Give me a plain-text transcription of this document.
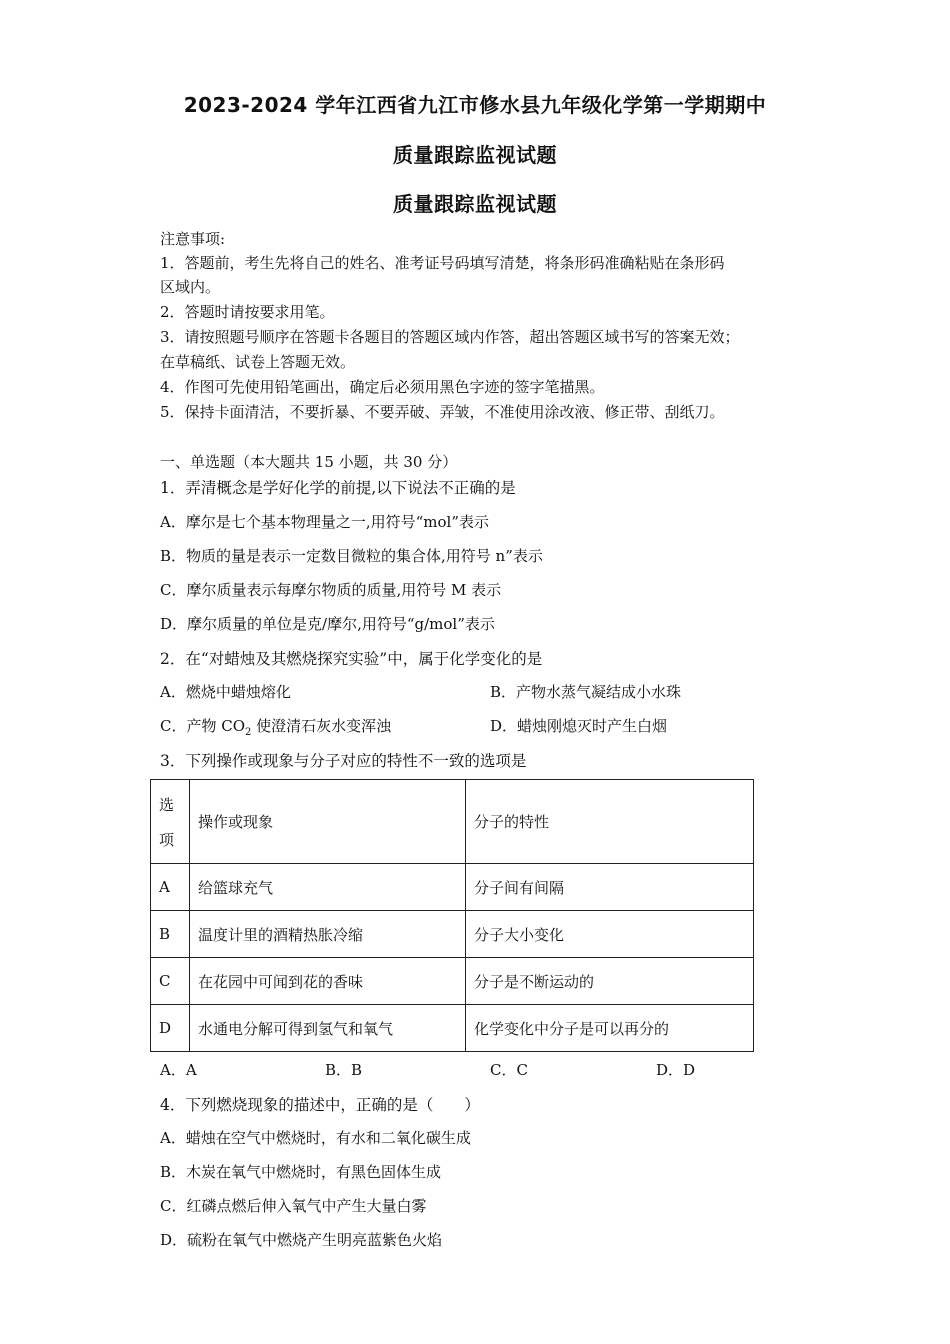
2023-2024 学年江西省九江市修水县九年级化学第一学期期中
质量跟踪监视试题
质量跟踪监视试题
注意事项:
1．答题前，考生先将自己的姓名、准考证号码填写清楚，将条形码准确粘贴在条形码
区域内。
2．答题时请按要求用笔。
3．请按照题号顺序在答题卡各题目的答题区域内作答，超出答题区域书写的答案无效；
在草稿纸、试卷上答题无效。
4．作图可先使用铅笔画出，确定后必须用黑色字迹的签字笔描黑。
5．保持卡面清洁，不要折暴、不要弄破、弄皱，不准使用涂改液、修正带、刮纸刀。
一、单选题（本大题共 15 小题，共 30 分）
1．弄清概念是学好化学的前提,以下说法不正确的是
A．摩尔是七个基本物理量之一,用符号“mol”表示
B．物质的量是表示一定数目微粒的集合体,用符号 n”表示
C．摩尔质量表示每摩尔物质的质量,用符号 M 表示
D．摩尔质量的单位是克/摩尔,用符号“g/mol”表示
2．在“对蜡烛及其燃烧探究实验”中，属于化学变化的是
A．燃烧中蜡烛熔化	B．产物水蒸气凝结成小水珠
C．产物 $CO_2$ 使澄清石灰水变浑浊	D．蜡烛刚熄灭时产生白烟
3．下列操作或现象与分子对应的特性不一致的选项是
选
项	操作或现象	分子的特性
A	给篮球充气	分子间有间隔
B	温度计里的酒精热胀冷缩	分子大小变化
C	在花园中可闻到花的香味	分子是不断运动的
D	水通电分解可得到氢气和氧气	化学变化中分子是可以再分的
A．A	B．B	C．C	D．D
4．下列燃烧现象的描述中，正确的是（　　）
A．蜡烛在空气中燃烧时，有水和二氧化碳生成
B．木炭在氧气中燃烧时，有黑色固体生成
C．红磷点燃后伸入氧气中产生大量白雾
D．硫粉在氧气中燃烧产生明亮蓝紫色火焰
